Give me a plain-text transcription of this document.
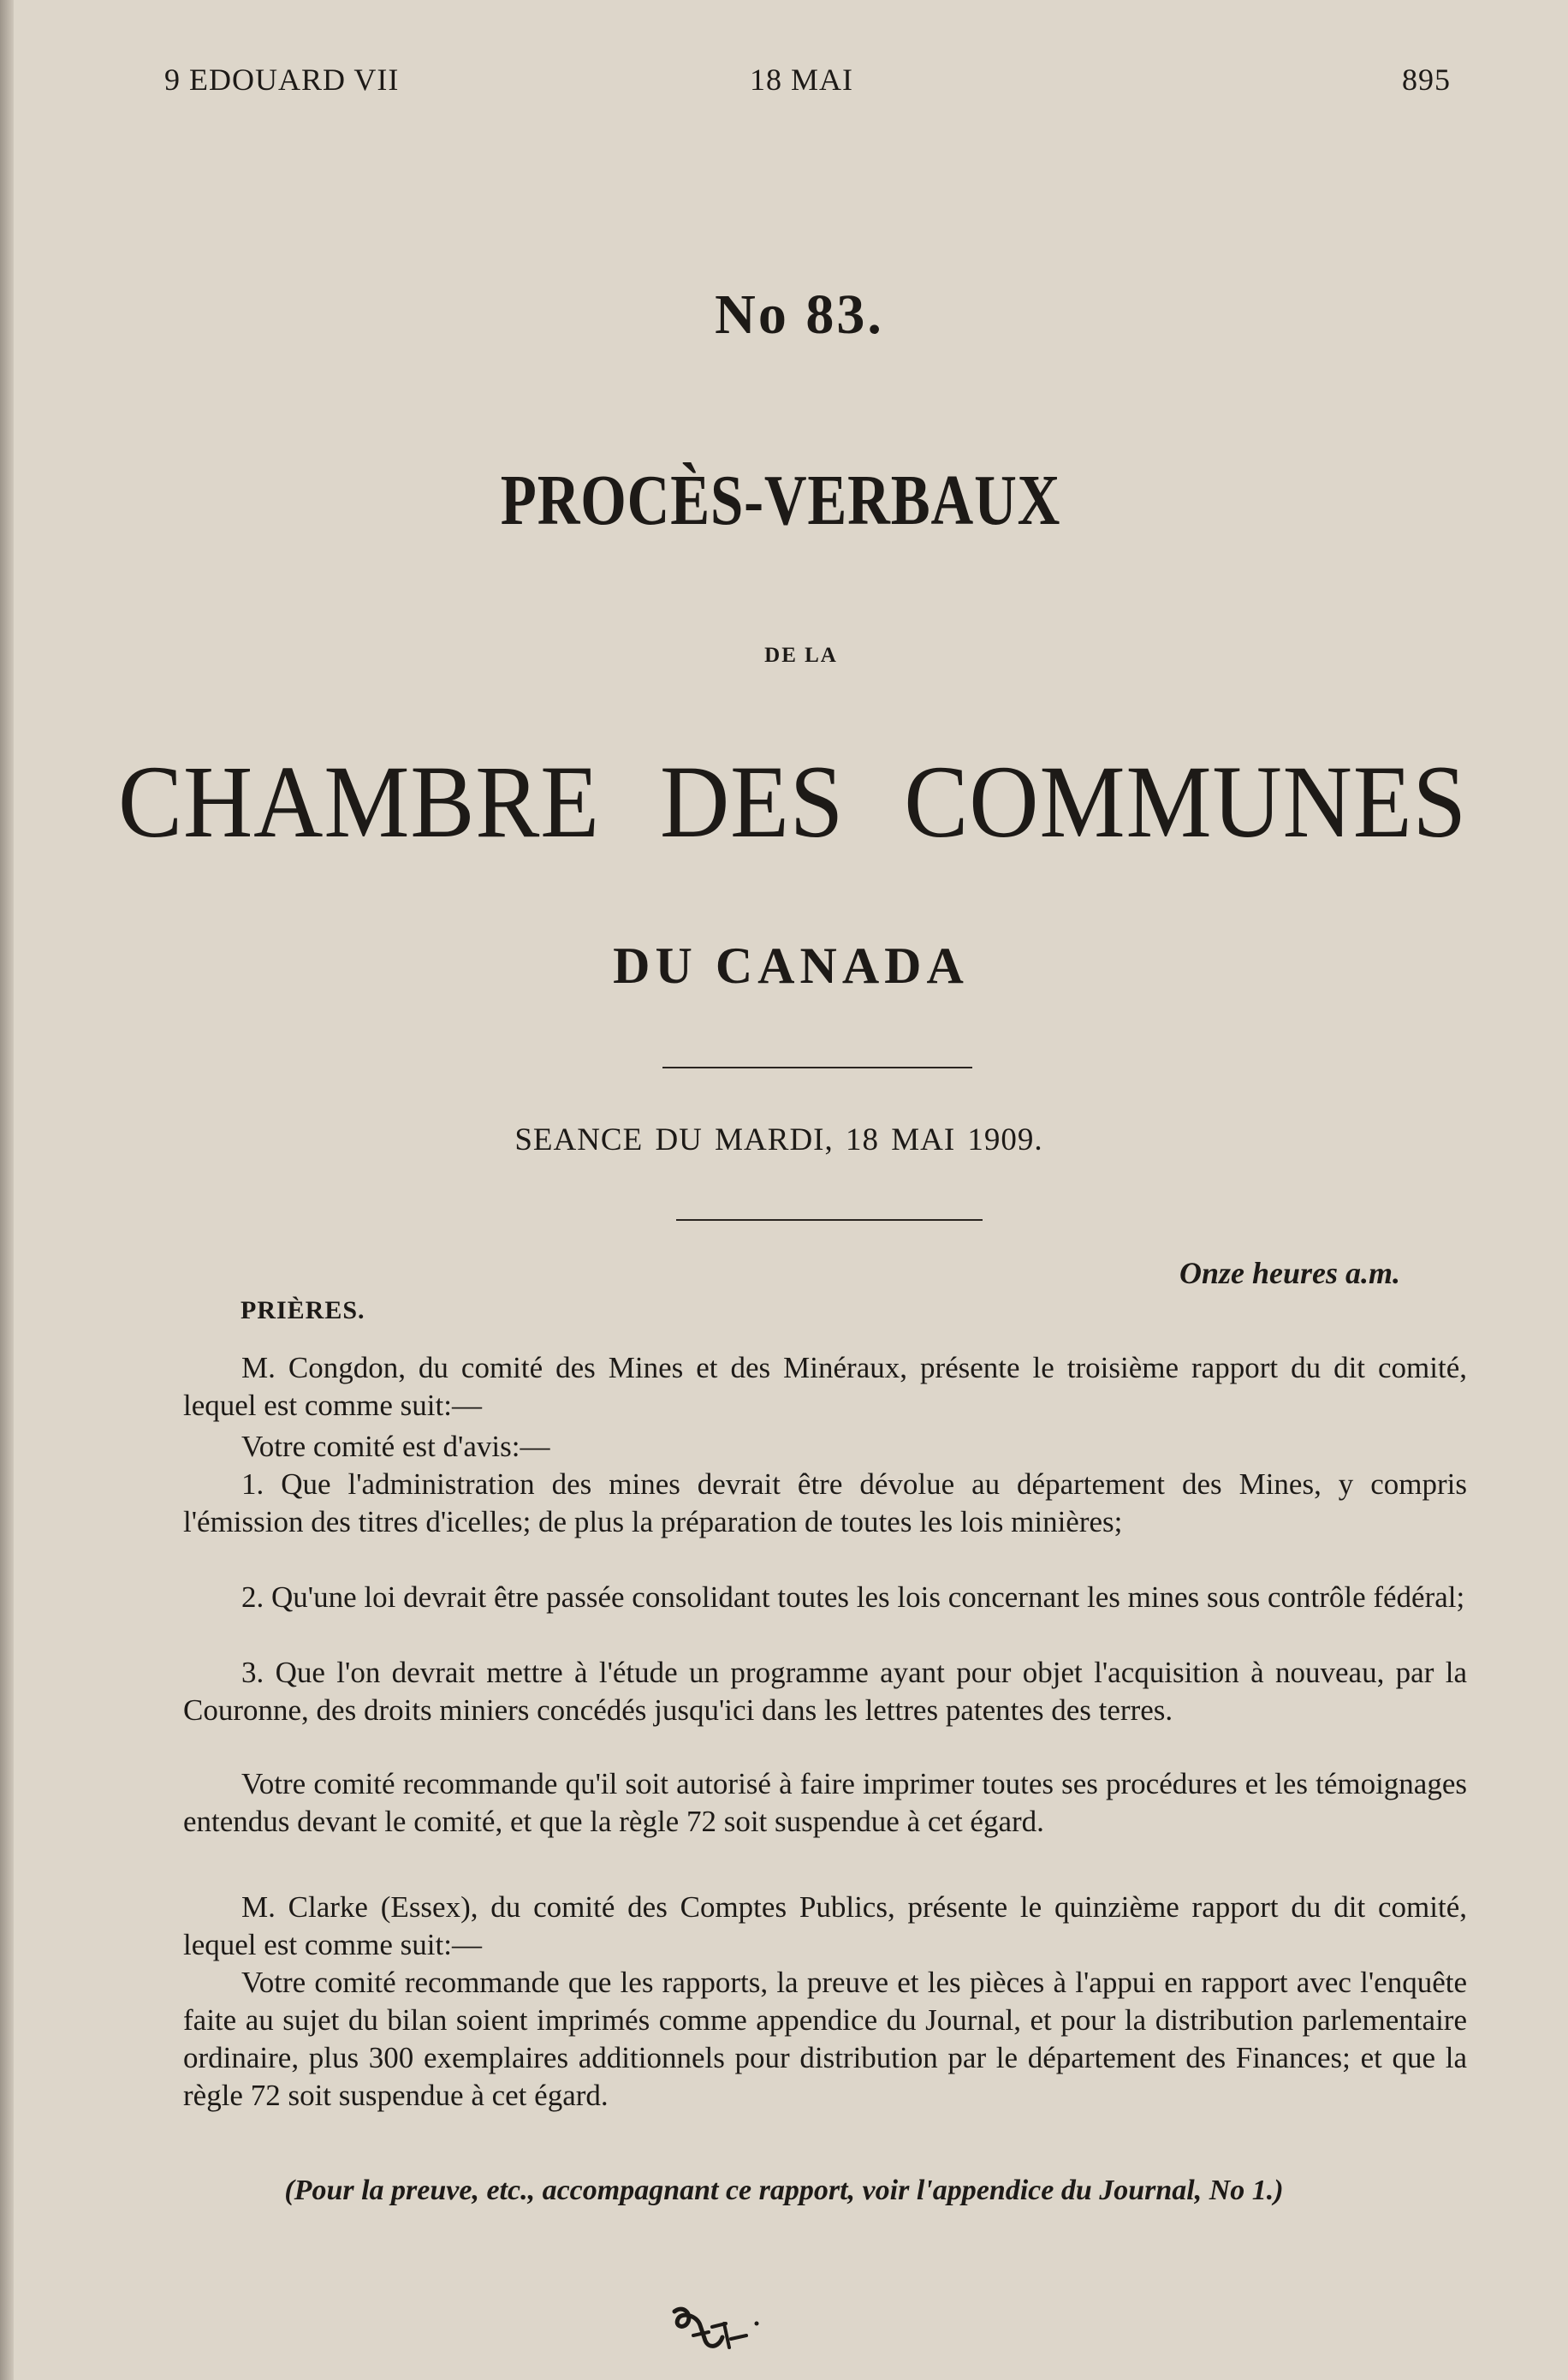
9 EDOUARD VII	18 MAI	895
No 83.
PROCÈS-VERBAUX
DE LA
CHAMBRE DES COMMUNES
DU CANADA
SEANCE DU MARDI, 18 MAI 1909.
Onze heures a.m.
PRIÈRES.

M. Congdon, du comité des Mines et des Minéraux, présente le troisième rapport du dit comité, lequel est comme suit:—

Votre comité est d'avis:—

1. Que l'administration des mines devrait être dévolue au département des Mines, y compris l'émission des titres d'icelles; de plus la préparation de toutes les lois minières;

2. Qu'une loi devrait être passée consolidant toutes les lois concernant les mines sous contrôle fédéral;

3. Que l'on devrait mettre à l'étude un programme ayant pour objet l'acquisition à nouveau, par la Couronne, des droits miniers concédés jusqu'ici dans les lettres patentes des terres.

Votre comité recommande qu'il soit autorisé à faire imprimer toutes ses procédures et les témoignages entendus devant le comité, et que la règle 72 soit suspendue à cet égard.

M. Clarke (Essex), du comité des Comptes Publics, présente le quinzième rapport du dit comité, lequel est comme suit:—

Votre comité recommande que les rapports, la preuve et les pièces à l'appui en rapport avec l'enquête faite au sujet du bilan soient imprimés comme appendice du Journal, et pour la distribution parlementaire ordinaire, plus 300 exemplaires additionnels pour distribution par le département des Finances; et que la règle 72 soit suspendue à cet égard.

(Pour la preuve, etc., accompagnant ce rapport, voir l'appendice du Journal, No 1.)
